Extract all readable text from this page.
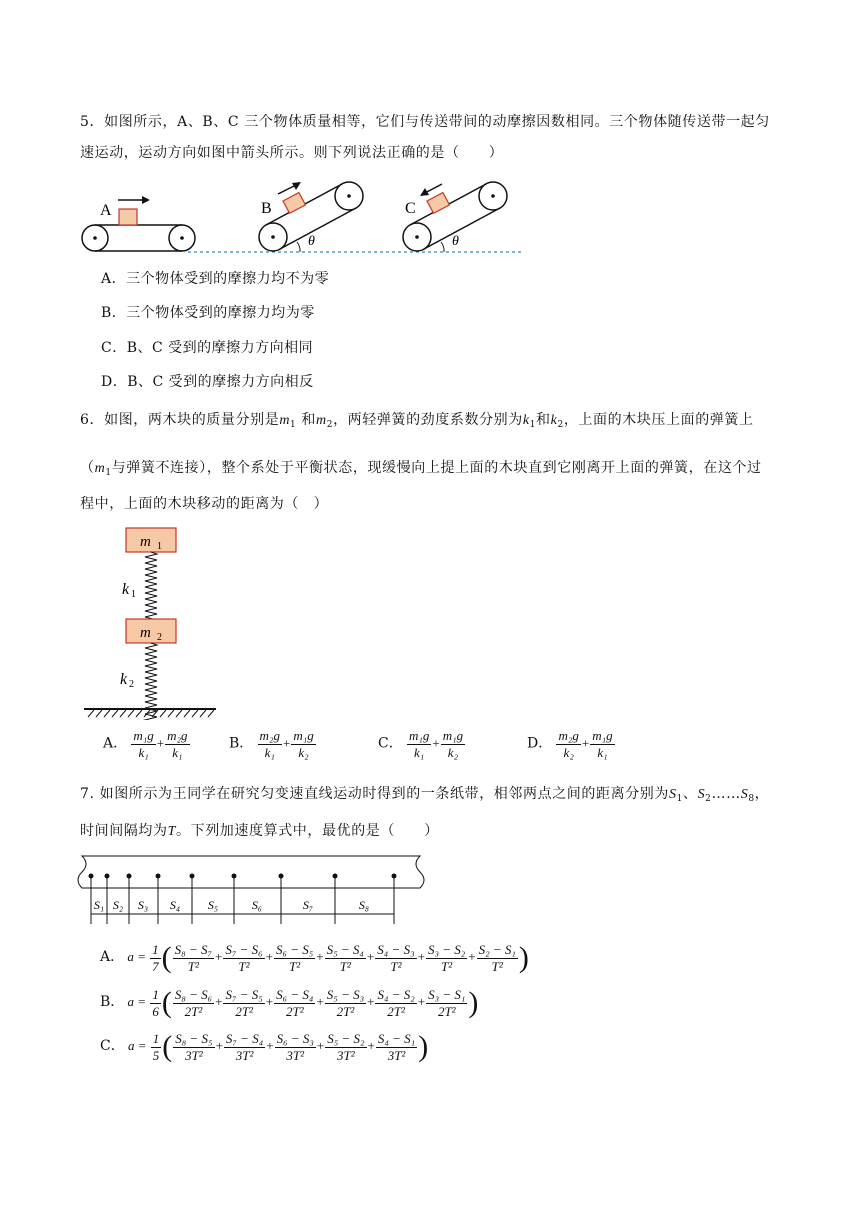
5．如图所示，A、B、C 三个物体质量相等，它们与传送带间的动摩擦因数相同。三个物体随传送带一起匀
速运动，运动方向如图中箭头所示。则下列说法正确的是（　　）
A	B
θ
C
θ
A．三个物体受到的摩擦力均不为零
B．三个物体受到的摩擦力均为零
C．B、C 受到的摩擦力方向相同
D．B、C 受到的摩擦力方向相反
6．如图，两木块的质量分别是$m_1$ 和$m_2$，两轻弹簧的劲度系数分别为$k_1$和$k_2$，上面的木块压上面的弹簧上
（$m_1$与弹簧不连接），整个系处于平衡状态，现缓慢向上提上面的木块直到它刚离开上面的弹簧，在这个过
程中，上面的木块移动的距离为（　）
m 1
k 1
m 2
k 2
A． $\frac{\text{m₁g}}{\text{k₁}} + \frac{\text{m₂g}}{\text{k₁}}$	B． $\frac{\text{m₂g}}{\text{k₁}} + \frac{\text{m₁g}}{\text{k₂}}$	C． $\frac{\text{m₁g}}{\text{k₁}} + \frac{\text{m₁g}}{\text{k₂}}$	D． $\frac{\text{m₂g}}{\text{k₂}} + \frac{\text{m₁g}}{\text{k₁}}$
7. 如图所示为王同学在研究匀变速直线运动时得到的一条纸带，相邻两点之间的距离分别为$S_1$、$S_2\dots\dots S_8$，
时间间隔均为T。下列加速度算式中，最优的是（　　）
S₁ S₂ S₃ S₄ S₅	S₆	S₇	S₈
A． $a = \frac{1}{7}$ ( $\frac{\text{S₈ − S₇}}{\text{T²}} + \frac{\text{S₇ − S₆}}{\text{T²}} + \frac{\text{S₆ − S₅}}{\text{T²}} + \frac{\text{S₅ − S₄}}{\text{T²}} + \frac{\text{S₄ − S₃}}{\text{T²}} + \frac{\text{S₃ − S₂}}{\text{T²}} + \frac{\text{S₂ − S₁}}{\text{T²}}$ )
B． $a = \frac{1}{6}$ ( $\frac{\text{S₈ − S₆}}{\text{2T²}} + \frac{\text{S₇ − S₅}}{\text{2T²}} + \frac{\text{S₆ − S₄}}{\text{2T²}} + \frac{\text{S₅ − S₃}}{\text{2T²}} + \frac{\text{S₄ − S₂}}{\text{2T²}} + \frac{\text{S₃ − S₁}}{\text{2T²}}$ )
C． $a = \frac{1}{5}$ ( $\frac{\text{S₈ − S₅}}{\text{3T²}} + \frac{\text{S₇ − S₄}}{\text{3T²}} + \frac{\text{S₆ − S₃}}{\text{3T²}} + \frac{\text{S₅ − S₂}}{\text{3T²}} + \frac{\text{S₄ − S₁}}{\text{3T²}}$ )
